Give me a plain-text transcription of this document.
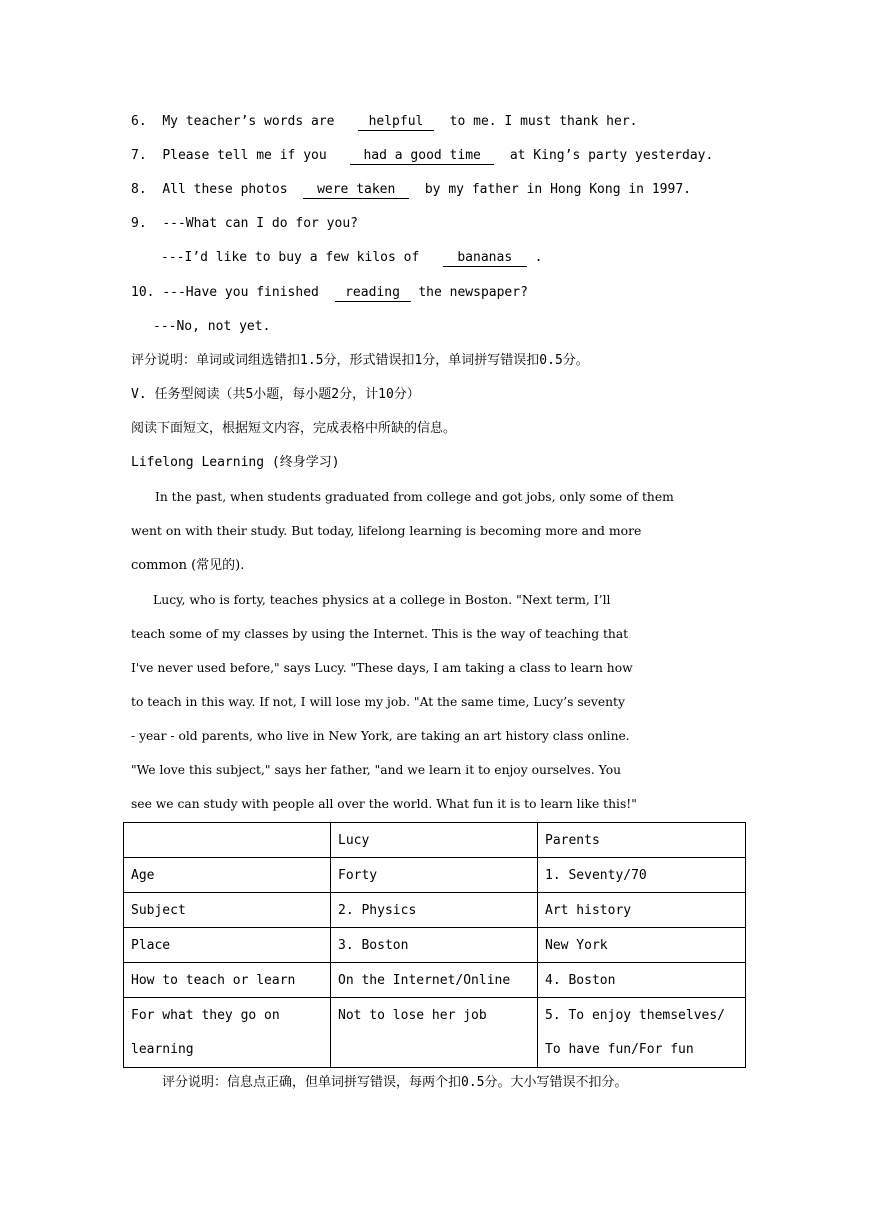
6. My teacher’s words are	helpful to me. I must thank her.
7. Please tell me if you	had a good time at King’s party yesterday.
8. All these photos were taken by my father in Hong Kong in 1997.
9. ---What can I do for you?
---I’d like to buy a few kilos of	bananas .
10. ---Have you finished reading the newspaper?
---No, not yet.
评分说明：单词或词组选错扣1.5分，形式错误扣1分，单词拼写错误扣0.5分。
V. 任务型阅读（共5小题，每小题2分，计10分）
阅读下面短文，根据短文内容，完成表格中所缺的信息。
Lifelong Learning (终身学习)
In the past, when students graduated from college and got jobs, only some of them
went on with their study. But today, lifelong learning is becoming more and more
common (常见的).
Lucy, who is forty, teaches physics at a college in Boston. "Next term, I’ll
teach some of my classes by using the Internet. This is the way of teaching that
I've never used before," says Lucy. "These days, I am taking a class to learn how
to teach in this way. If not, I will lose my job. "At the same time, Lucy’s seventy
- year - old parents, who live in New York, are taking an art history class online.
"We love this subject," says her father, "and we learn it to enjoy ourselves. You
see we can study with people all over the world. What fun it is to learn like this!"
	Lucy	Parents
Age	Forty	1. Seventy/70
Subject	2. Physics	Art history
Place	3. Boston	New York
How to teach or learn	On the Internet/Online	4. Boston

For what they go on learning	Not to lose her job	5. To enjoy themselves/ To have fun/For fun
评分说明：信息点正确，但单词拼写错误，每两个扣0.5分。大小写错误不扣分。
